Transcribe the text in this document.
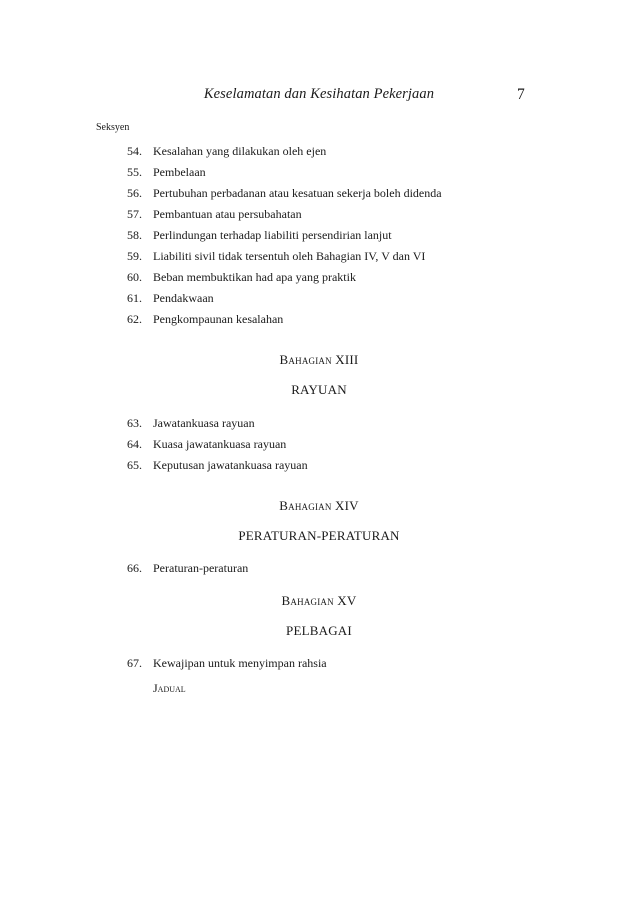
Keselamatan dan Kesihatan Pekerjaan	7
Seksyen
54. Kesalahan yang dilakukan oleh ejen
55. Pembelaan
56. Pertubuhan perbadanan atau kesatuan sekerja boleh didenda
57. Pembantuan atau persubahatan
58. Perlindungan terhadap liabiliti persendirian lanjut
59. Liabiliti sivil tidak tersentuh oleh Bahagian IV, V dan VI
60. Beban membuktikan had apa yang praktik
61. Pendakwaan
62. Pengkompaunan kesalahan
Bahagian XIII
RAYUAN
63. Jawatankuasa rayuan
64. Kuasa jawatankuasa rayuan
65. Keputusan jawatankuasa rayuan
Bahagian XIV
PERATURAN-PERATURAN
66. Peraturan-peraturan
Bahagian XV
PELBAGAI
67. Kewajipan untuk menyimpan rahsia
Jadual
